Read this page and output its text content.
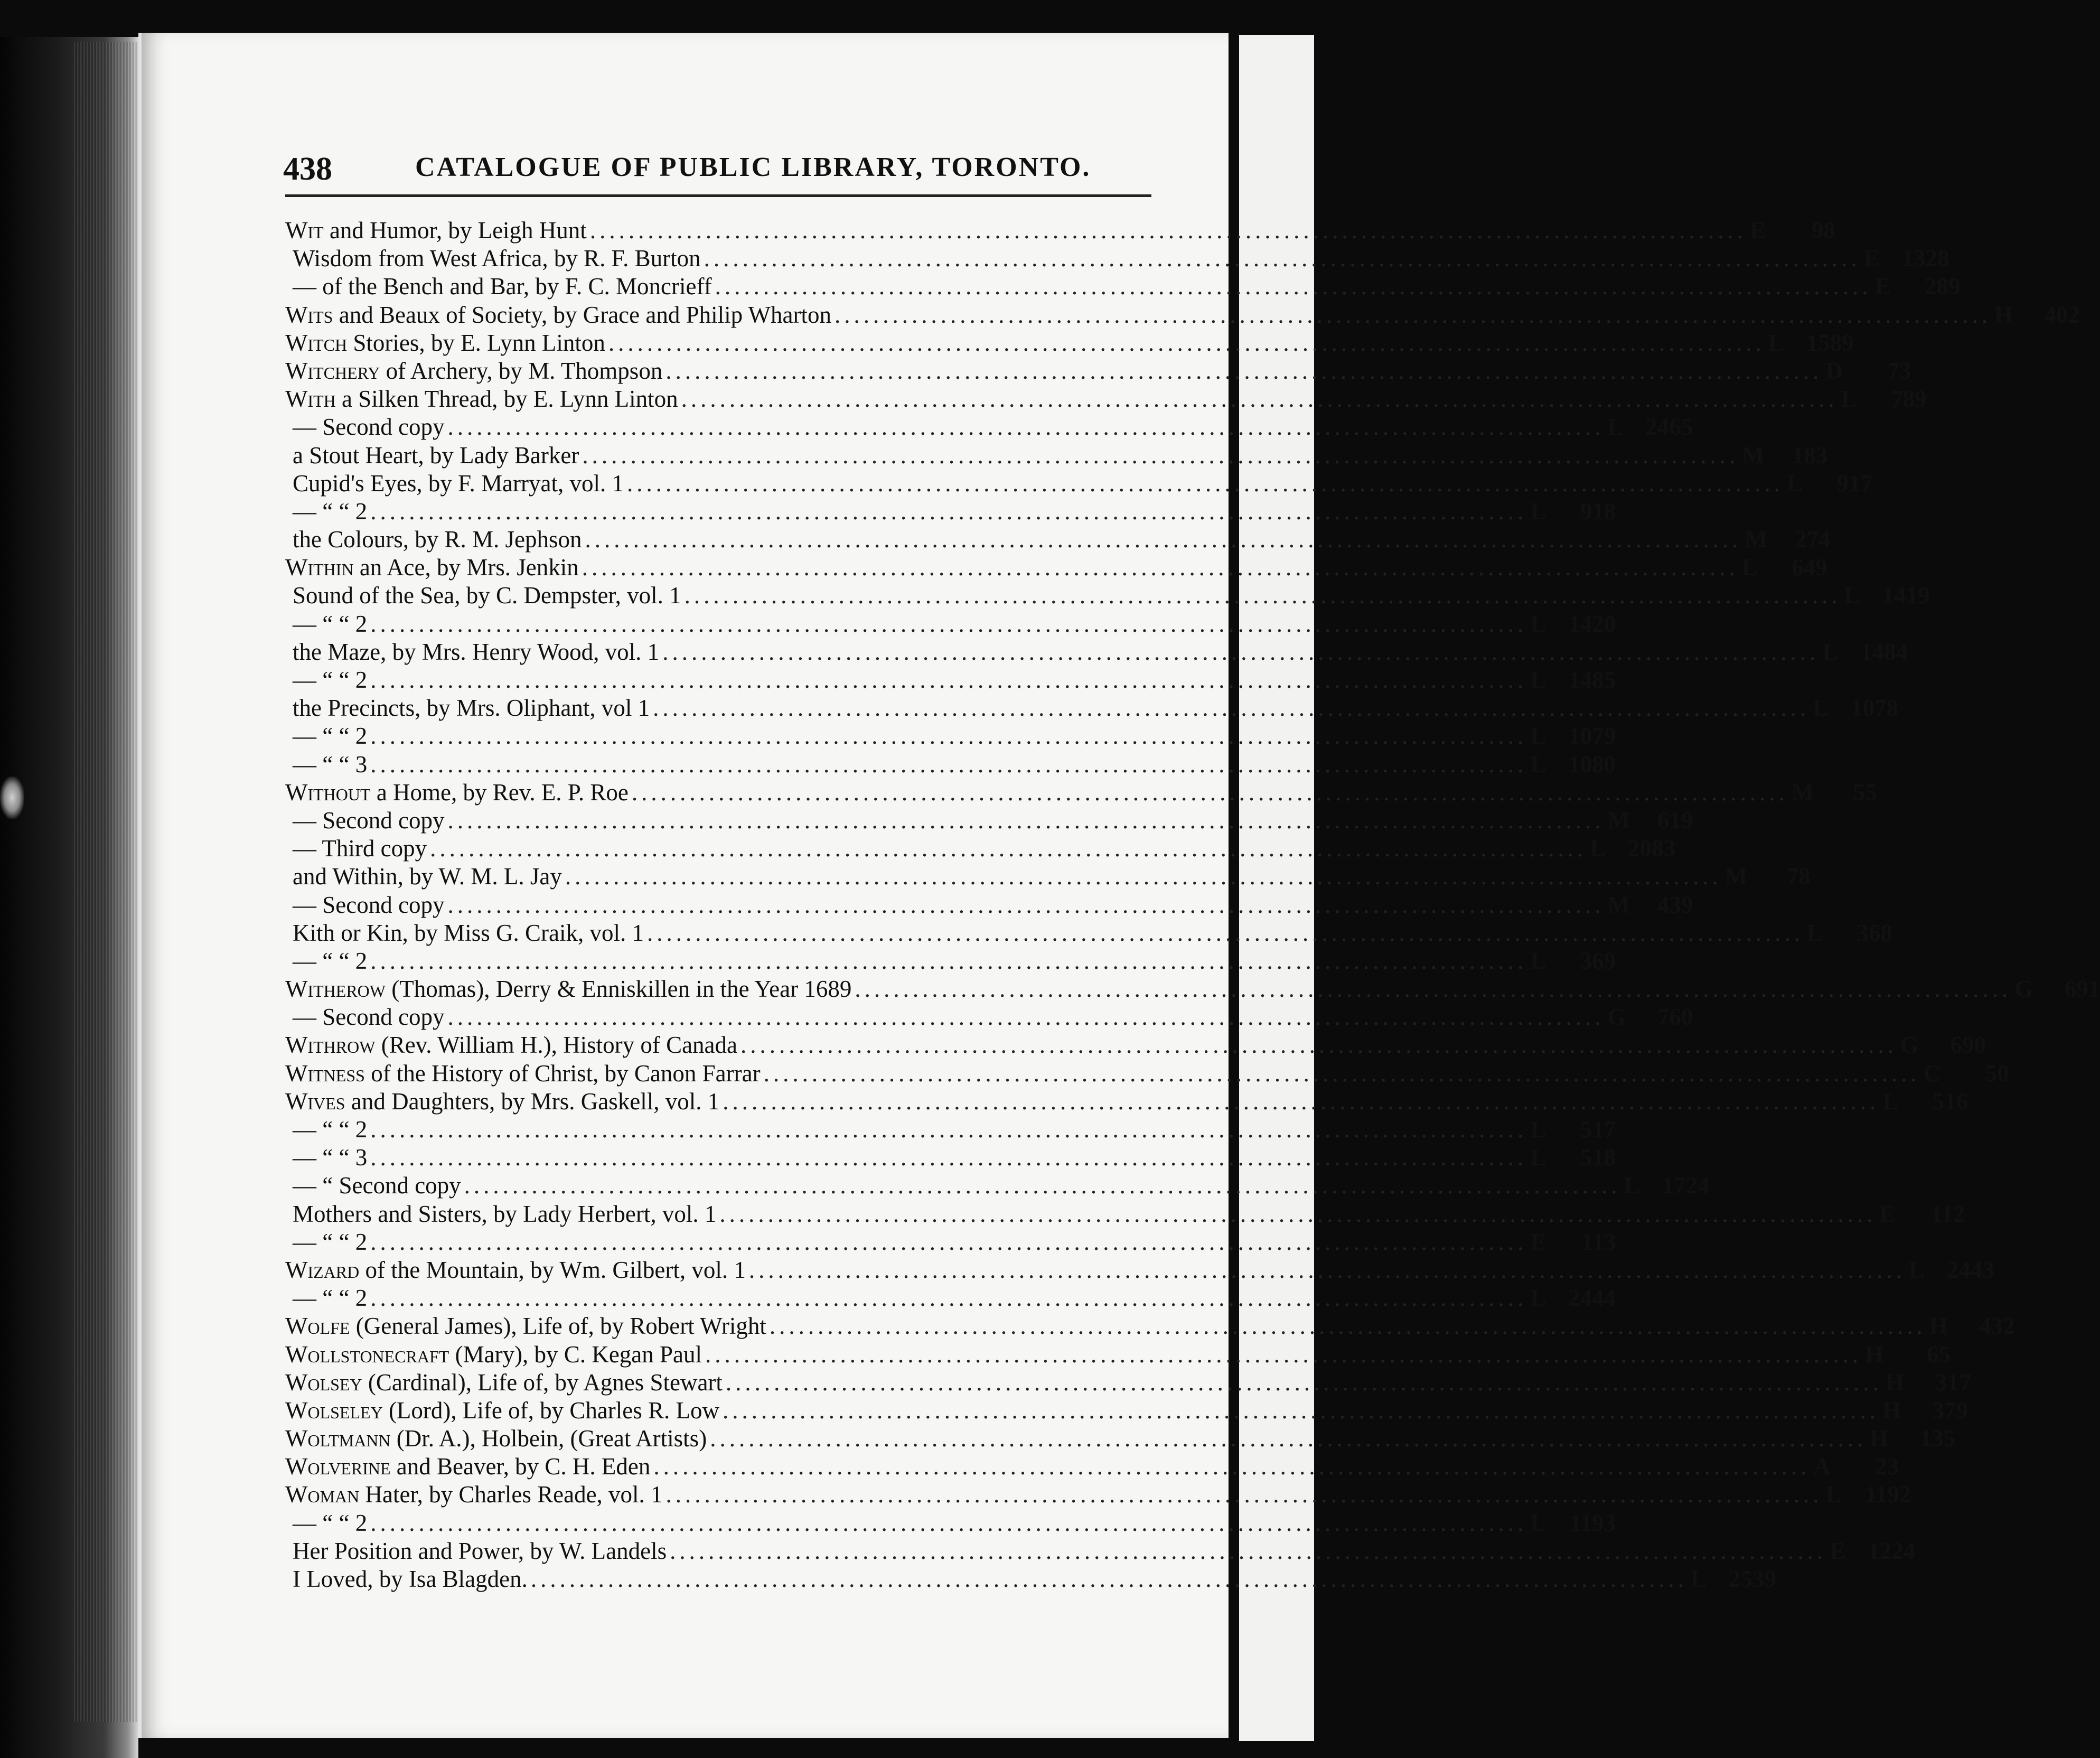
438	CATALOGUE OF PUBLIC LIBRARY, TORONTO.
Wit and Humor, by Leigh Hunt ........................................................................................................................ E	98
Wisdom from West Africa, by R. F. Burton ........................................................................................................................ E 1328
— of the Bench and Bar, by F. C. Moncrieff ........................................................................................................................ E	289
Wits and Beaux of Society, by Grace and Philip Wharton ........................................................................................................................ H	402
Witch Stories, by E. Lynn Linton ........................................................................................................................ L 1589
Witchery of Archery, by M. Thompson ........................................................................................................................ D	73
With a Silken Thread, by E. Lynn Linton ........................................................................................................................ L	789
— Second copy ........................................................................................................................ L 2465
a Stout Heart, by Lady Barker ........................................................................................................................ M	183
Cupid's Eyes, by F. Marryat, vol. 1 ........................................................................................................................ L	917
— “ “ 2 ........................................................................................................................ L	918
the Colours, by R. M. Jephson ........................................................................................................................ M	274
Within an Ace, by Mrs. Jenkin ........................................................................................................................ L	649
Sound of the Sea, by C. Dempster, vol. 1 ........................................................................................................................ L 1419
— “ “ 2 ........................................................................................................................ L 1420
the Maze, by Mrs. Henry Wood, vol. 1 ........................................................................................................................ L 1484
— “ “ 2 ........................................................................................................................ L 1485
the Precincts, by Mrs. Oliphant, vol 1 ........................................................................................................................ L 1078
— “ “ 2 ........................................................................................................................ L 1079
— “ “ 3 ........................................................................................................................ L 1080
Without a Home, by Rev. E. P. Roe ........................................................................................................................ M	55
— Second copy ........................................................................................................................ M	619
— Third copy ........................................................................................................................ L 2083
and Within, by W. M. L. Jay ........................................................................................................................ M	78
— Second copy ........................................................................................................................ M	439
Kith or Kin, by Miss G. Craik, vol. 1 ........................................................................................................................ L	368
— “ “ 2 ........................................................................................................................ L	369
Witherow (Thomas), Derry & Enniskillen in the Year 1689 ........................................................................................................................ G	691
— Second copy ........................................................................................................................ G	760
Withrow (Rev. William H.), History of Canada ........................................................................................................................ G	690
Witness of the History of Christ, by Canon Farrar ........................................................................................................................ C	50
Wives and Daughters, by Mrs. Gaskell, vol. 1 ........................................................................................................................ L	516
— “ “ 2 ........................................................................................................................ L	517
— “ “ 3 ........................................................................................................................ L	518
— “ Second copy ........................................................................................................................ L 1724
Mothers and Sisters, by Lady Herbert, vol. 1 ........................................................................................................................ E	112
— “ “ 2 ........................................................................................................................ E	113
Wizard of the Mountain, by Wm. Gilbert, vol. 1 ........................................................................................................................ L 2443
— “ “ 2 ........................................................................................................................ L 2444
Wolfe (General James), Life of, by Robert Wright ........................................................................................................................ H	432
Wollstonecraft (Mary), by C. Kegan Paul ........................................................................................................................ H	65
Wolsey (Cardinal), Life of, by Agnes Stewart ........................................................................................................................ H	317
Wolseley (Lord), Life of, by Charles R. Low ........................................................................................................................ H	379
Woltmann (Dr. A.), Holbein, (Great Artists) ........................................................................................................................ H	135
Wolverine and Beaver, by C. H. Eden ........................................................................................................................ A	23
Woman Hater, by Charles Reade, vol. 1 ........................................................................................................................ L 1192
— “ “ 2 ........................................................................................................................ L 1193
Her Position and Power, by W. Landels ........................................................................................................................ E 1224
I Loved, by Isa Blagden. ........................................................................................................................ L 2539
